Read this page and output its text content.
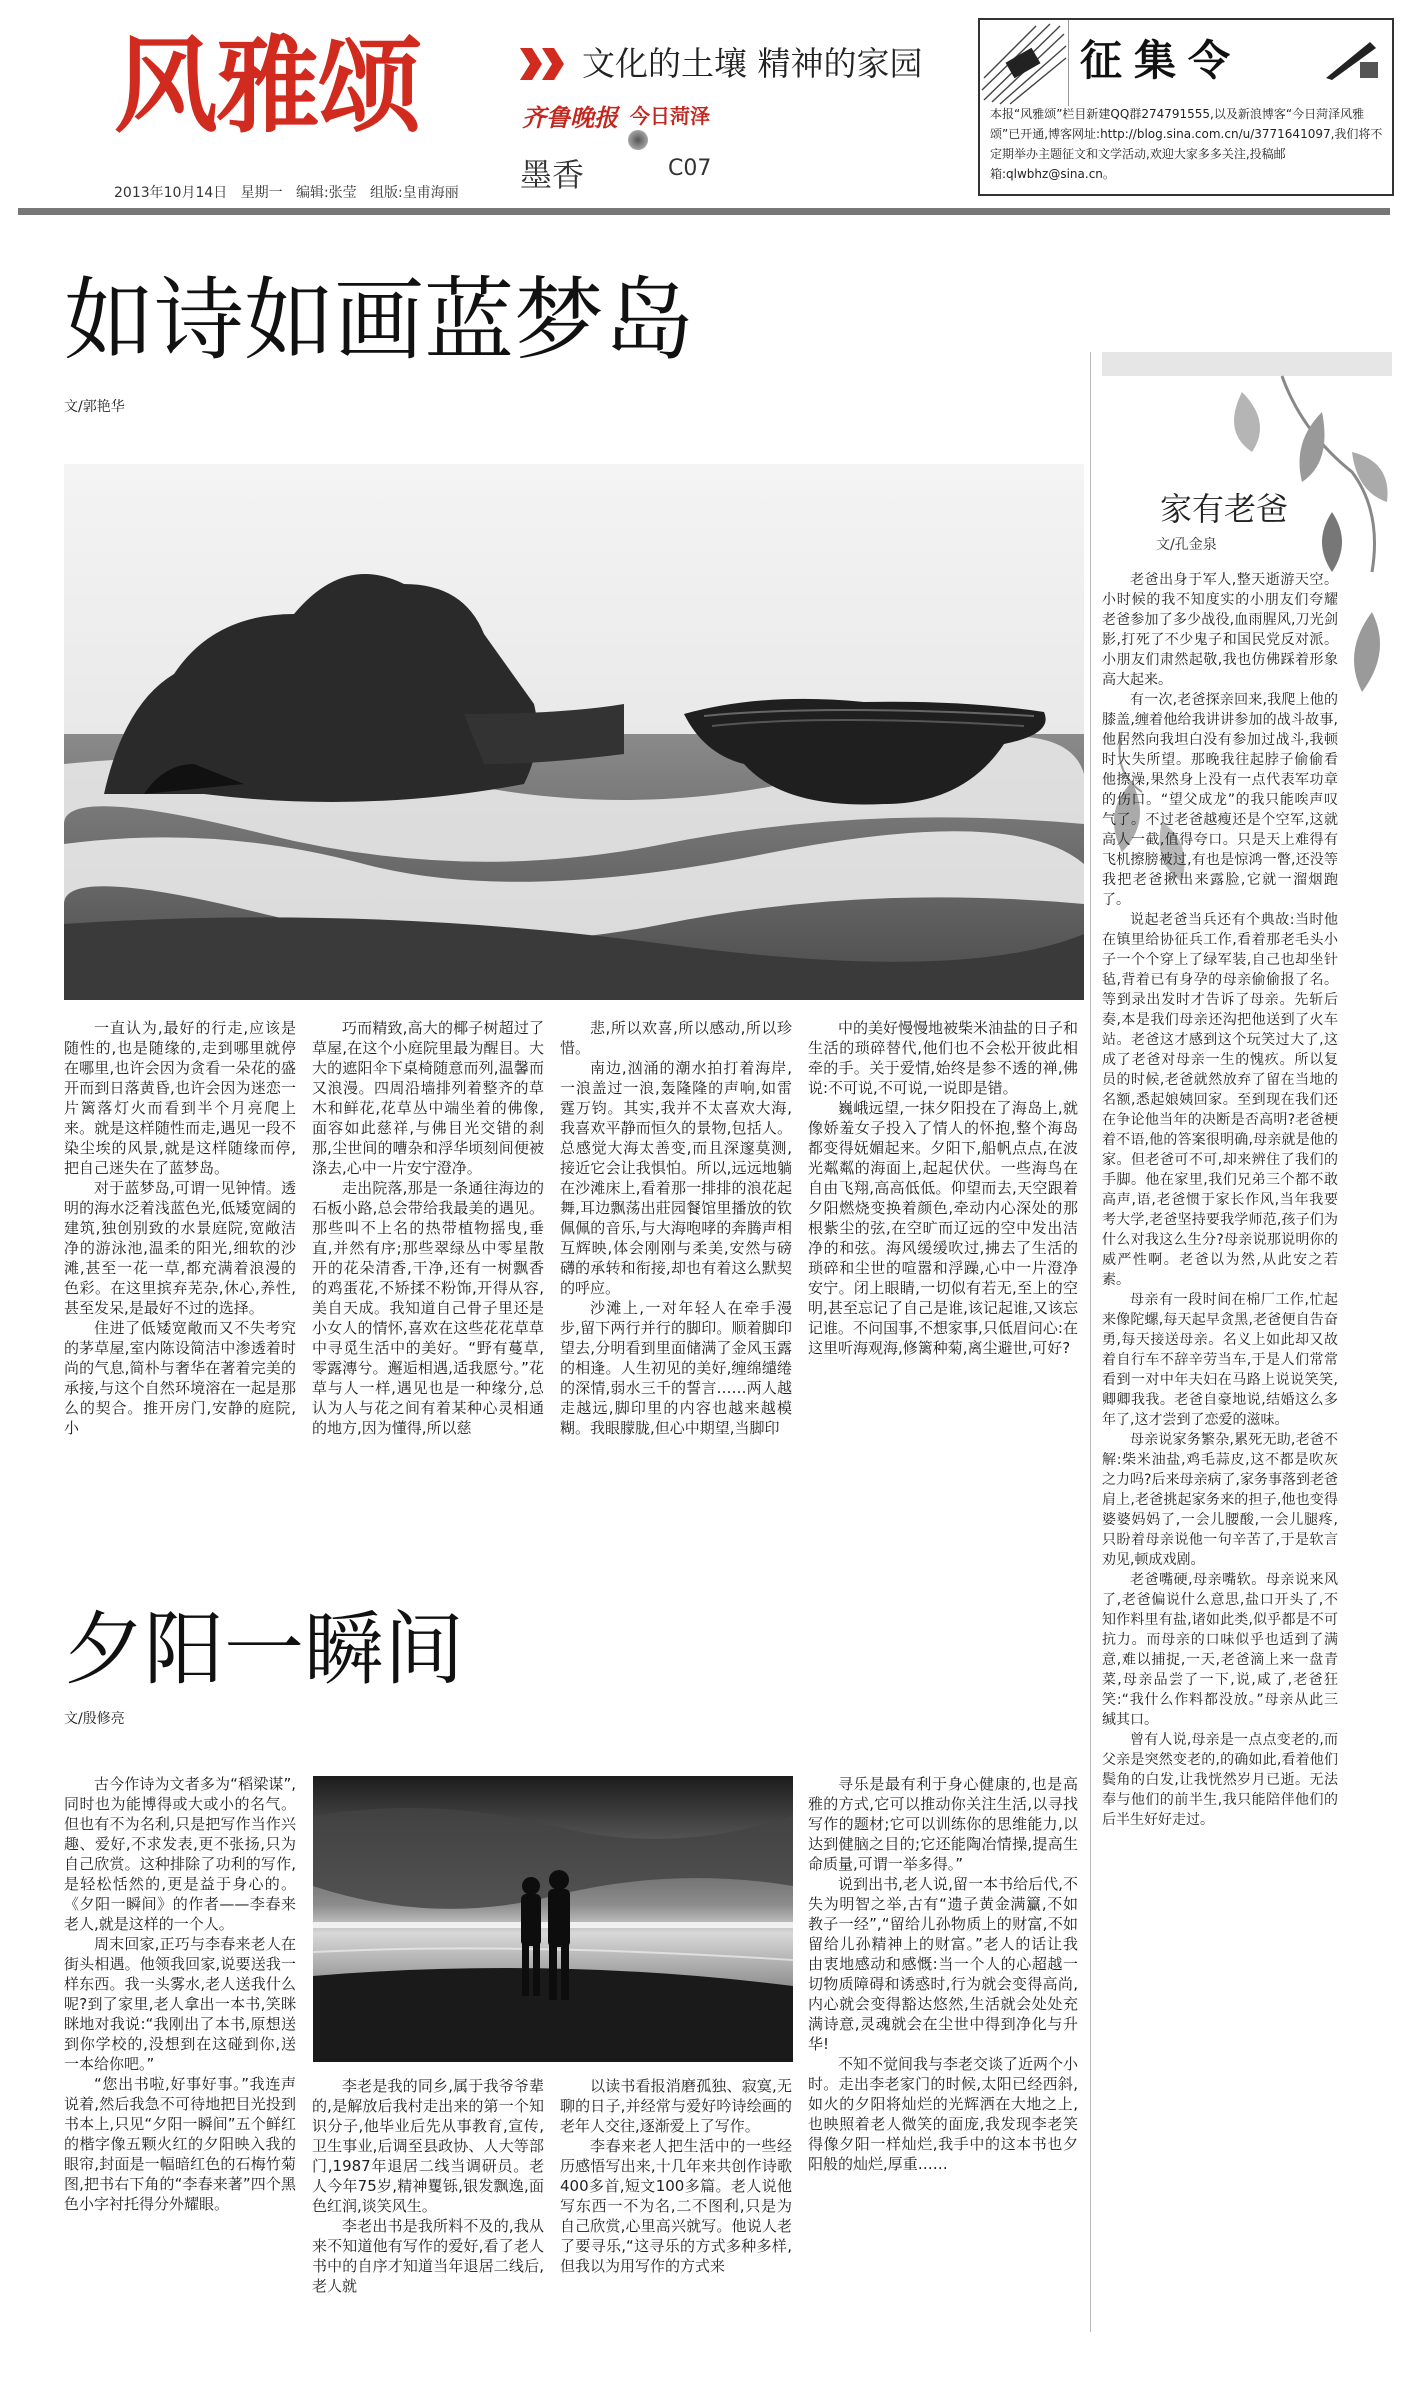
风雅颂	文化的土壤 精神的家园
齐鲁晚报 今日菏泽
墨香	C07
2013年10月14日   星期一   编辑:张莹   组版:皇甫海丽
征集令
本报“风雅颂”栏目新建QQ群274791555,以及新浪博客“今日菏泽风雅颂”已开通,博客网址:http://blog.sina.com.cn/u/3771641097,我们将不定期举办主题征文和文学活动,欢迎大家多多关注,投稿邮箱:qlwbhz@sina.cn。
如诗如画蓝梦岛
文/郭艳华

一直认为,最好的行走,应该是随性的,也是随缘的,走到哪里就停在哪里,也许会因为贪看一朵花的盛开而到日落黄昏,也许会因为迷恋一片篱落灯火而看到半个月亮爬上来。就是这样随性而走,遇见一段不染尘埃的风景,就是这样随缘而停,把自己迷失在了蓝梦岛。

对于蓝梦岛,可谓一见钟情。透明的海水泛着浅蓝色光,低矮宽阔的建筑,独创别致的水景庭院,宽敞洁净的游泳池,温柔的阳光,细软的沙滩,甚至一花一草,都充满着浪漫的色彩。在这里摈弃芜杂,休心,养性,甚至发呆,是最好不过的选择。

住进了低矮宽敞而又不失考究的茅草屋,室内陈设简洁中渗透着时尚的气息,简朴与奢华在著着完美的承接,与这个自然环境溶在一起是那么的契合。推开房门,安静的庭院,小

巧而精致,高大的椰子树超过了草屋,在这个小庭院里最为醒目。大大的遮阳伞下桌椅随意而列,温馨而又浪漫。四周沿墙排列着整齐的草木和鲜花,花草丛中端坐着的佛像,面容如此慈祥,与佛目光交错的刹那,尘世间的嘈杂和浮华顷刻间便被涤去,心中一片安宁澄净。

走出院落,那是一条通往海边的石板小路,总会带给我最美的遇见。那些叫不上名的热带植物摇曳,垂直,并然有序;那些翠绿丛中零星散开的花朵清香,干净,还有一树飘香的鸡蛋花,不矫揉不粉饰,开得从容,美自天成。我知道自己骨子里还是小女人的情怀,喜欢在这些花花草草中寻觅生活中的美好。“野有蔓草,零露漙兮。邂逅相遇,适我愿兮。”花草与人一样,遇见也是一种缘分,总认为人与花之间有着某种心灵相通的地方,因为懂得,所以慈

悲,所以欢喜,所以感动,所以珍惜。

南边,汹涌的潮水拍打着海岸,一浪盖过一浪,轰隆隆的声响,如雷霆万钧。其实,我并不太喜欢大海,我喜欢平静而恒久的景物,包括人。总感觉大海太善变,而且深邃莫测,接近它会让我惧怕。所以,远远地躺在沙滩床上,看着那一排排的浪花起舞,耳边飘荡出莊园餐馆里播放的钦佩佩的音乐,与大海咆哮的奔腾声相互辉映,体会刚刚与柔美,安然与磅礴的承转和衔接,却也有着这么默契的呼应。

沙滩上,一对年轻人在牵手漫步,留下两行并行的脚印。顺着脚印望去,分明看到里面储满了金风玉露的相逢。人生初见的美好,缠绵缱绻的深情,弱水三千的誓言……两人越走越远,脚印里的内容也越来越模糊。我眼朦胧,但心中期望,当脚印

中的美好慢慢地被柴米油盐的日子和生活的琐碎替代,他们也不会松开彼此相牵的手。关于爱情,始终是参不透的禅,佛说:不可说,不可说,一说即是错。

巍峨远望,一抹夕阳投在了海岛上,就像娇羞女子投入了情人的怀抱,整个海岛都变得妩媚起来。夕阳下,船帆点点,在波光粼粼的海面上,起起伏伏。一些海鸟在自由飞翔,高高低低。仰望而去,天空跟着夕阳燃烧变换着颜色,牵动内心深处的那根紫尘的弦,在空旷而辽远的空中发出洁净的和弦。海风缓缓吹过,拂去了生活的琐碎和尘世的喧嚣和浮躁,心中一片澄净安宁。闭上眼睛,一切似有若无,至上的空明,甚至忘记了自己是谁,该记起谁,又该忘记谁。不问国事,不想家事,只低眉问心:在这里听海观海,修篱种菊,离尘避世,可好?

夕阳一瞬间
文/殷修亮

古今作诗为文者多为“稻梁谋”,同时也为能博得或大或小的名气。但也有不为名利,只是把写作当作兴趣、爱好,不求发表,更不张扬,只为自己欣赏。这种排除了功利的写作,是轻松恬然的,更是益于身心的。《夕阳一瞬间》的作者——李春来老人,就是这样的一个人。

周末回家,正巧与李春来老人在街头相遇。他领我回家,说要送我一样东西。我一头雾水,老人送我什么呢?到了家里,老人拿出一本书,笑眯眯地对我说:“我刚出了本书,原想送到你学校的,没想到在这碰到你,送一本给你吧。”

“您出书啦,好事好事。”我连声说着,然后我急不可待地把目光投到书本上,只见“夕阳一瞬间”五个鲜红的楷字像五颗火红的夕阳映入我的眼帘,封面是一幅暗红色的石梅竹菊图,把书右下角的“李春来著”四个黑色小字衬托得分外耀眼。

李老是我的同乡,属于我爷爷辈的,是解放后我村走出来的第一个知识分子,他毕业后先从事教育,宣传,卫生事业,后调至县政协、人大等部门,1987年退居二线当调研员。老人今年75岁,精神矍铄,银发飘逸,面色红润,谈笑风生。

李老出书是我所料不及的,我从来不知道他有写作的爱好,看了老人书中的自序才知道当年退居二线后,老人就

以读书看报消磨孤独、寂寞,无聊的日子,并经常与爱好吟诗绘画的老年人交往,逐渐爱上了写作。

李春来老人把生活中的一些经历感悟写出来,十几年来共创作诗歌400多首,短文100多篇。老人说他写东西一不为名,二不图利,只是为自己欣赏,心里高兴就写。他说人老了要寻乐,“这寻乐的方式多种多样,但我以为用写作的方式来

寻乐是最有利于身心健康的,也是高雅的方式,它可以推动你关注生活,以寻找写作的题材;它可以训练你的思维能力,以达到健脑之目的;它还能陶冶情操,提高生命质量,可谓一举多得。”

说到出书,老人说,留一本书给后代,不失为明智之举,古有“遗子黄金满籯,不如教子一经”,“留给儿孙物质上的财富,不如留给儿孙精神上的财富。”老人的话让我由衷地感动和感慨:当一个人的心超越一切物质障碍和诱惑时,行为就会变得高尚,内心就会变得豁达悠然,生活就会处处充满诗意,灵魂就会在尘世中得到净化与升华!

不知不觉间我与李老交谈了近两个小时。走出李老家门的时候,太阳已经西斜,如火的夕阳将灿烂的光辉洒在大地之上,也映照着老人微笑的面庞,我发现李老笑得像夕阳一样灿烂,我手中的这本书也夕阳般的灿烂,厚重……

家有老爸
文/孔金泉

老爸出身于军人,整天逝游天空。小时候的我不知度实的小朋友们夸耀老爸参加了多少战役,血雨腥风,刀光剑影,打死了不少鬼子和国民党反对派。小朋友们肃然起敬,我也仿佛踩着形象高大起来。

有一次,老爸探亲回来,我爬上他的膝盖,缠着他给我讲讲参加的战斗故事,他居然向我坦白没有参加过战斗,我顿时大失所望。那晚我往起脖子偷偷看他擦澡,果然身上没有一点代表军功章的伤口。“望父成龙”的我只能唉声叹气了。不过老爸越瘦还是个空军,这就高人一截,值得夸口。只是天上难得有飞机擦膀被过,有也是惊鸿一瞥,还没等我把老爸揪出来露脸,它就一溜烟跑了。

说起老爸当兵还有个典故:当时他在镇里给协征兵工作,看着那老毛头小子一个个穿上了绿军装,自己也却坐针毡,背着已有身孕的母亲偷偷报了名。等到录出发时才告诉了母亲。先斩后奏,本是我们母亲还沟把他送到了火车站。老爸这才感到这个玩笑过大了,这成了老爸对母亲一生的愧疚。所以复员的时候,老爸就然放弃了留在当地的名额,悉起娘姨回家。至到现在我们还在争论他当年的决断是否高明?老爸梗着不语,他的答案很明确,母亲就是他的家。但老爸可不可,却来辨住了我们的手脚。他在家里,我们兄弟三个都不敢高声,语,老爸惯于家长作风,当年我要考大学,老爸坚持要我学师范,孩子们为什么对我这么生分?母亲说那说明你的威严性啊。老爸以为然,从此安之若素。

母亲有一段时间在棉厂工作,忙起来像陀螺,每天起早贪黑,老爸便自告奋勇,每天接送母亲。名义上如此却又故着自行车不辞辛劳当车,于是人们常常看到一对中年夫妇在马路上说说笑笑,卿卿我我。老爸自豪地说,结婚这么多年了,这才尝到了恋爱的滋味。

母亲说家务繁杂,累死无助,老爸不解:柴米油盐,鸡毛蒜皮,这不都是吹灰之力吗?后来母亲病了,家务事落到老爸肩上,老爸挑起家务来的担子,他也变得婆婆妈妈了,一会儿腰酸,一会儿腿疼,只盼着母亲说他一句辛苦了,于是软言劝见,顿成戏剧。

老爸嘴硬,母亲嘴软。母亲说来风了,老爸偏说什么意思,盐口开头了,不知作料里有盐,诸如此类,似乎都是不可抗力。而母亲的口味似乎也适到了满意,难以捕捉,一天,老爸滴上来一盘青菜,母亲品尝了一下,说,咸了,老爸狂笑:“我什么作料都没放。”母亲从此三缄其口。

曾有人说,母亲是一点点变老的,而父亲是突然变老的,的确如此,看着他们鬓角的白发,让我恍然岁月已逝。无法奉与他们的前半生,我只能陪伴他们的后半生好好走过。
